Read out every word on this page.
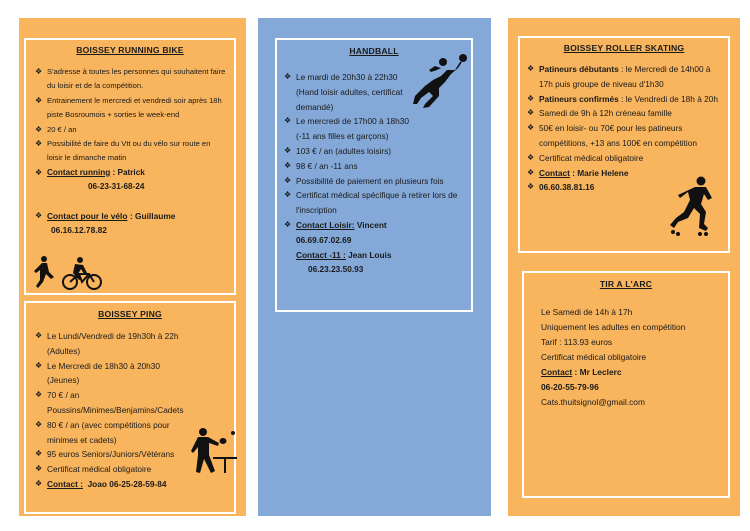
BOISSEY RUNNING BIKE
❖ S'adresse à toutes les personnes qui souhaitent faire du loisir et de la compétition.
❖ Entrainement le mercredi et vendredi soir après 18h piste Bosroumois + sorties le week-end
❖ 20 € / an
❖ Possibilité de faire du Vtt ou du vélo sur route en loisir le dimanche matin
❖ Contact running : Patrick
06-23-31-68-24
❖ Contact pour le vélo : Guillaume
06.16.12.78.82
BOISSEY PING
❖ Le Lundi/Vendredi de 19h30h à 22h (Adultes)
❖ Le Mercredi de 18h30 à 20h30 (Jeunes)
❖ 70 € / an Poussins/Minimes/Benjamins/Cadets
❖ 80 € / an (avec compétitions pour minimes et cadets)
❖ 95 euros Seniors/Juniors/Vétérans
❖ Certificat médical obligatoire
❖ Contact :  Joao 06-25-28-59-84
HANDBALL
❖ Le mardi de 20h30 à 22h30 (Hand loisir adultes, certificat demandé)
❖ Le mercredi de 17h00 à 18h30 (-11 ans filles et garçons)
❖ 103 € / an (adultes loisirs)
❖ 98 € / an -11 ans
❖ Possibilité de paiement en plusieurs fois
❖ Certificat médical spécifique à retirer lors de l'inscription
❖ Contact Loisir: Vincent
06.69.67.02.69
Contact -11 : Jean Louis
06.23.23.50.93
BOISSEY ROLLER SKATING
❖ Patineurs débutants : le Mercredi de 14h00 à 17h puis groupe de niveau d'1h30
❖ Patineurs confirmés : le Vendredi de 18h à 20h
❖ Samedi de 9h à 12h créneau famille
❖ 50€ en loisir- ou 70€ pour les patineurs compétitions, +13 ans 100€ en compétition
❖ Certificat médical obligatoire
❖ Contact : Marie Helene
❖ 06.60.38.81.16
TIR A L'ARC
Le Samedi de 14h à 17h
Uniquement les adultes en compétition
Tarif : 113.93 euros
Certificat médical obligatoire
Contact : Mr Leclerc
06-20-55-79-96
Cats.thuitsignol@gmail.com
